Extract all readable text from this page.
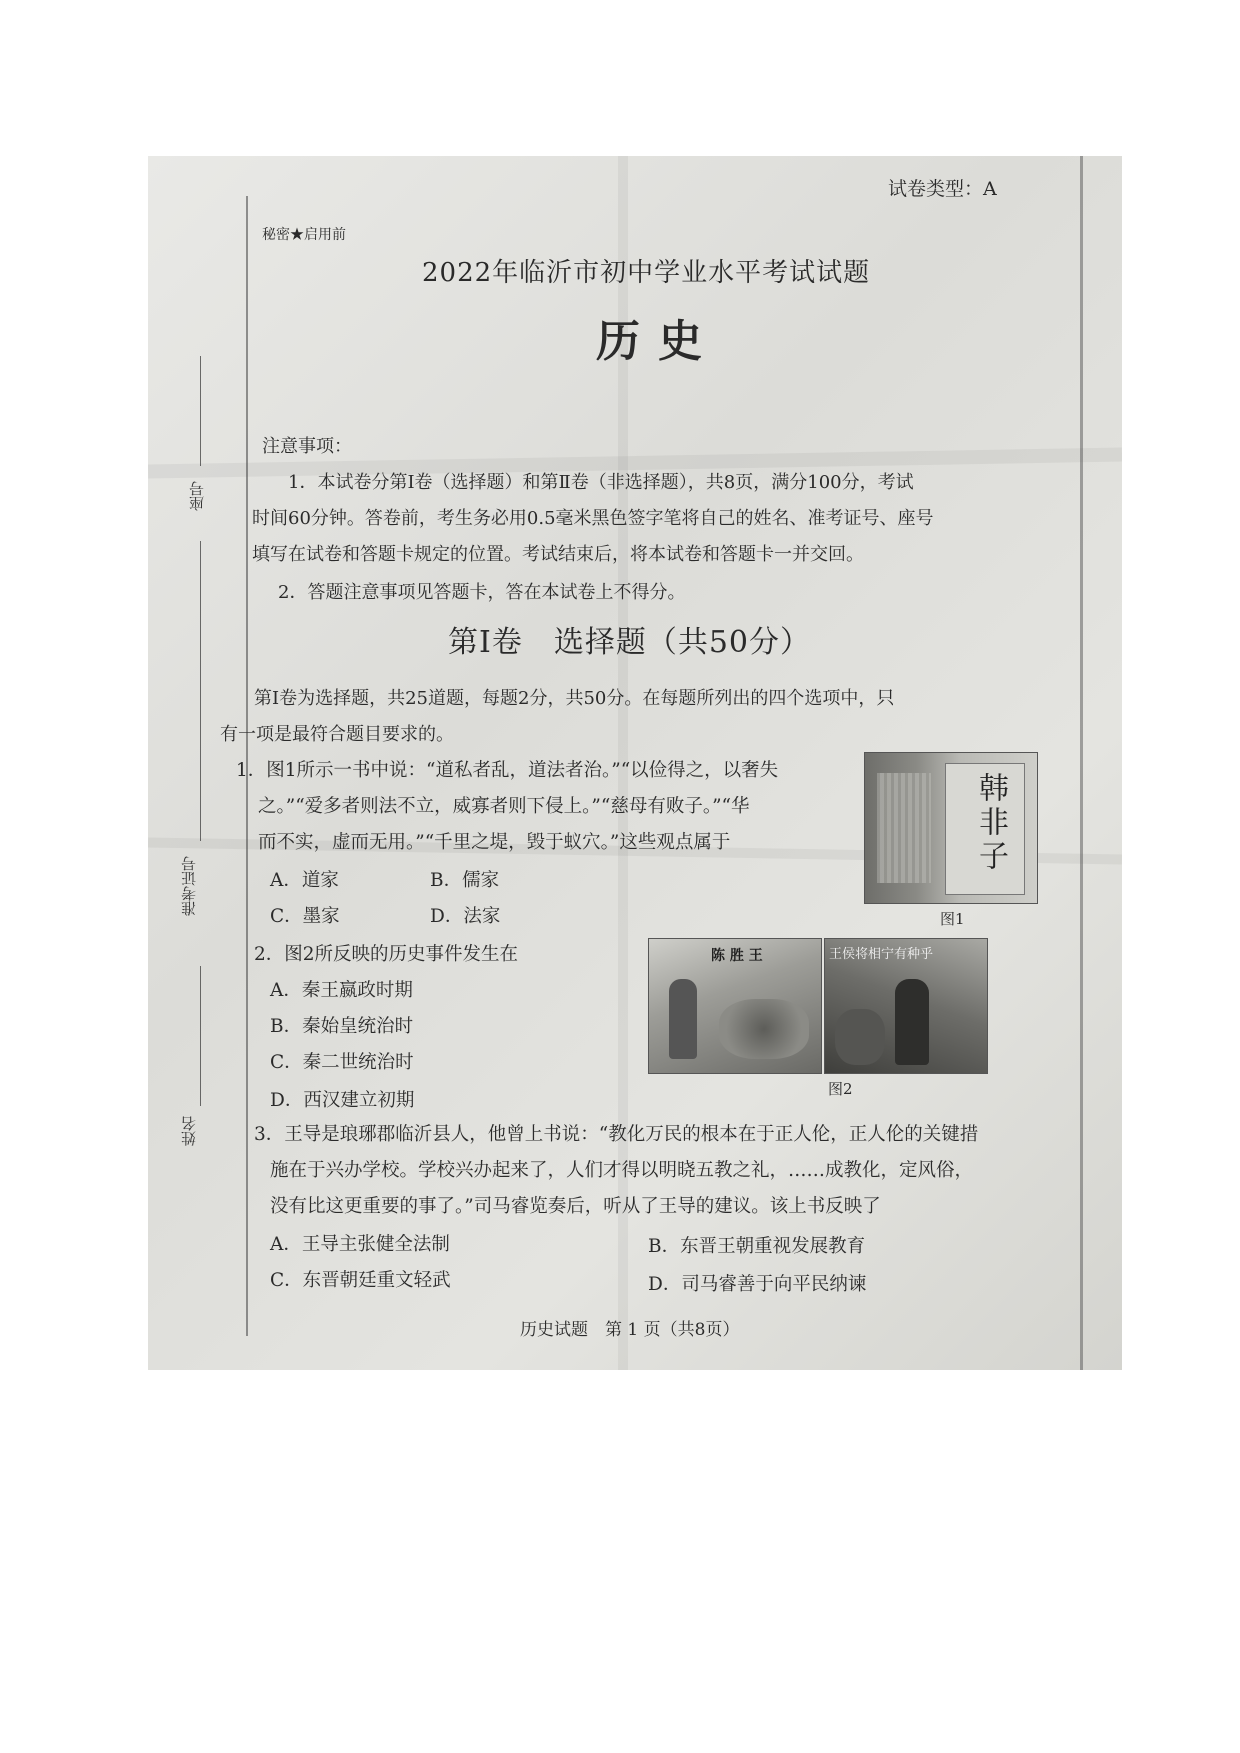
座号
准考证号
姓名
试卷类型：A
秘密★启用前
2022年临沂市初中学业水平考试试题
历史
注意事项：
1．本试卷分第Ⅰ卷（选择题）和第Ⅱ卷（非选择题），共8页，满分100分，考试
时间60分钟。答卷前，考生务必用0.5毫米黑色签字笔将自己的姓名、准考证号、座号
填写在试卷和答题卡规定的位置。考试结束后，将本试卷和答题卡一并交回。
2．答题注意事项见答题卡，答在本试卷上不得分。
第Ⅰ卷　选择题（共50分）
第Ⅰ卷为选择题，共25道题，每题2分，共50分。在每题所列出的四个选项中，只
有一项是最符合题目要求的。
1．图1所示一书中说：“道私者乱，道法者治。”“以俭得之，以奢失
之。”“爱多者则法不立，威寡者则下侵上。”“慈母有败子。”“华
而不实，虚而无用。”“千里之堤，毁于蚁穴。”这些观点属于
A．道家	B．儒家
C．墨家	D．法家
韩非子
图1
2．图2所反映的历史事件发生在
A．秦王嬴政时期
B．秦始皇统治时
C．秦二世统治时
D．西汉建立初期
陈 胜 王	王侯将相宁有种乎
图2
3．王导是琅琊郡临沂县人，他曾上书说：“教化万民的根本在于正人伦，正人伦的关键措
施在于兴办学校。学校兴办起来了，人们才得以明晓五教之礼，……成教化，定风俗，
没有比这更重要的事了。”司马睿览奏后，听从了王导的建议。该上书反映了
A．王导主张健全法制	B．东晋王朝重视发展教育
C．东晋朝廷重文轻武	D．司马睿善于向平民纳谏
历史试题　第 1 页（共8页）
